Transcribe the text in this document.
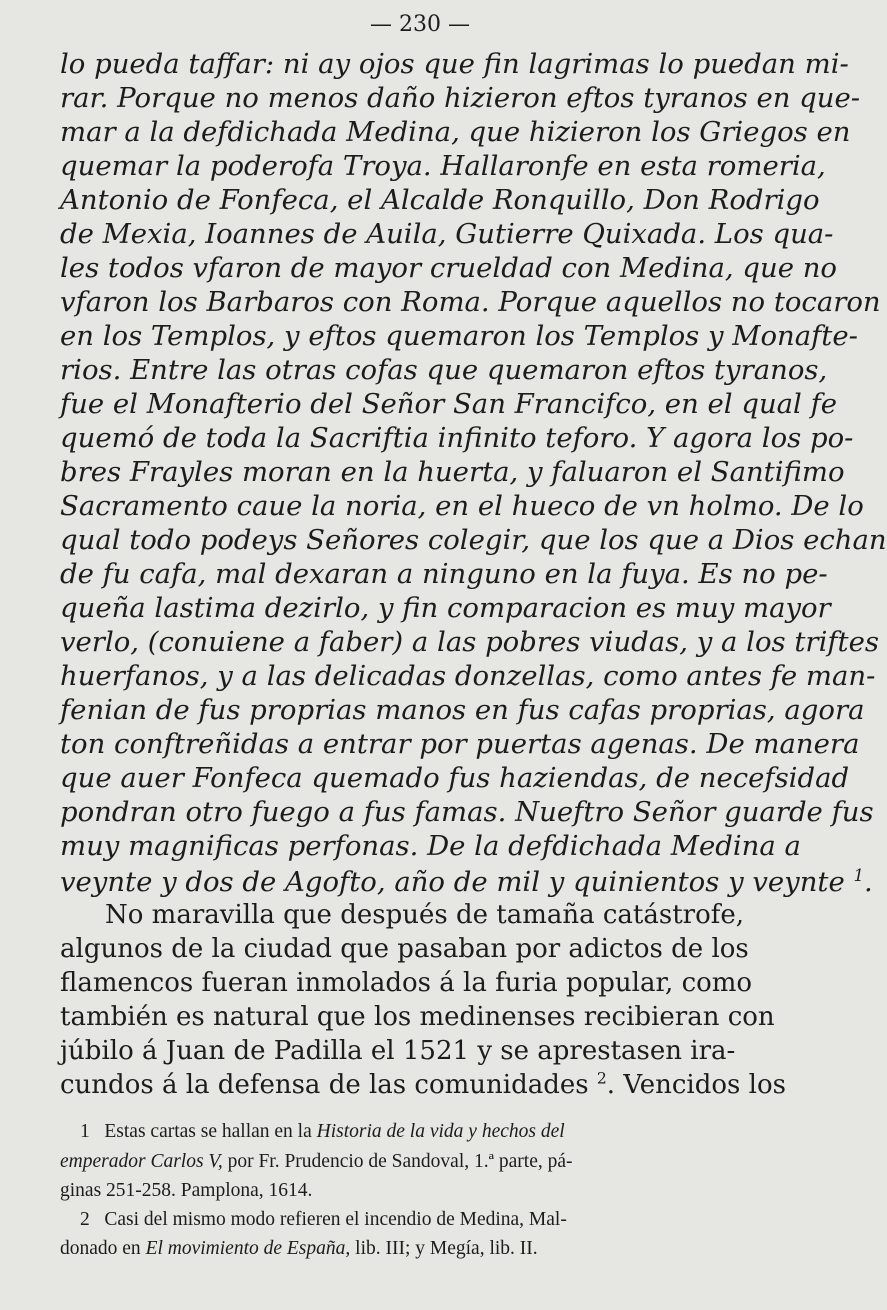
— 230 —
lo pueda taffar: ni ay ojos que fin lagrimas lo puedan mi-
rar. Porque no menos daño hizieron eftos tyranos en que-
mar a la defdichada Medina, que hizieron los Griegos en
quemar la poderofa Troya. Hallaronfe en esta romeria,
Antonio de Fonfeca, el Alcalde Ronquillo, Don Rodrigo
de Mexia, Ioannes de Auila, Gutierre Quixada. Los qua-
les todos vfaron de mayor crueldad con Medina, que no
vfaron los Barbaros con Roma. Porque aquellos no tocaron
en los Templos, y eftos quemaron los Templos y Monafte-
rios. Entre las otras cofas que quemaron eftos tyranos,
fue el Monafterio del Señor San Francifco, en el qual fe
quemó de toda la Sacriftia infinito teforo. Y agora los po-
bres Frayles moran en la huerta, y faluaron el Santifimo
Sacramento caue la noria, en el hueco de vn holmo. De lo
qual todo podeys Señores colegir, que los que a Dios echan
de fu cafa, mal dexaran a ninguno en la fuya. Es no pe-
queña lastima dezirlo, y fin comparacion es muy mayor
verlo, (conuiene a faber) a las pobres viudas, y a los triftes
huerfanos, y a las delicadas donzellas, como antes fe man-
fenian de fus proprias manos en fus cafas proprias, agora
ton conftreñidas a entrar por puertas agenas. De manera
que auer Fonfeca quemado fus haziendas, de necefsidad
pondran otro fuego a fus famas. Nueftro Señor guarde fus
muy magnificas perfonas. De la defdichada Medina a
veynte y dos de Agofto, año de mil y quinientos y veynte $^1$.
No maravilla que después de tamaña catástrofe,
algunos de la ciudad que pasaban por adictos de los
flamencos fueran inmolados á la furia popular, como
también es natural que los medinenses recibieran con
júbilo á Juan de Padilla el 1521 y se aprestasen ira-
cundos á la defensa de las comunidades $^2$. Vencidos los
1 Estas cartas se hallan en la Historia de la vida y hechos del
emperador Carlos V, por Fr. Prudencio de Sandoval, 1.ª parte, pá-
ginas 251-258. Pamplona, 1614.
2 Casi del mismo modo refieren el incendio de Medina, Mal-
donado en El movimiento de España, lib. III; y Megía, lib. II.
